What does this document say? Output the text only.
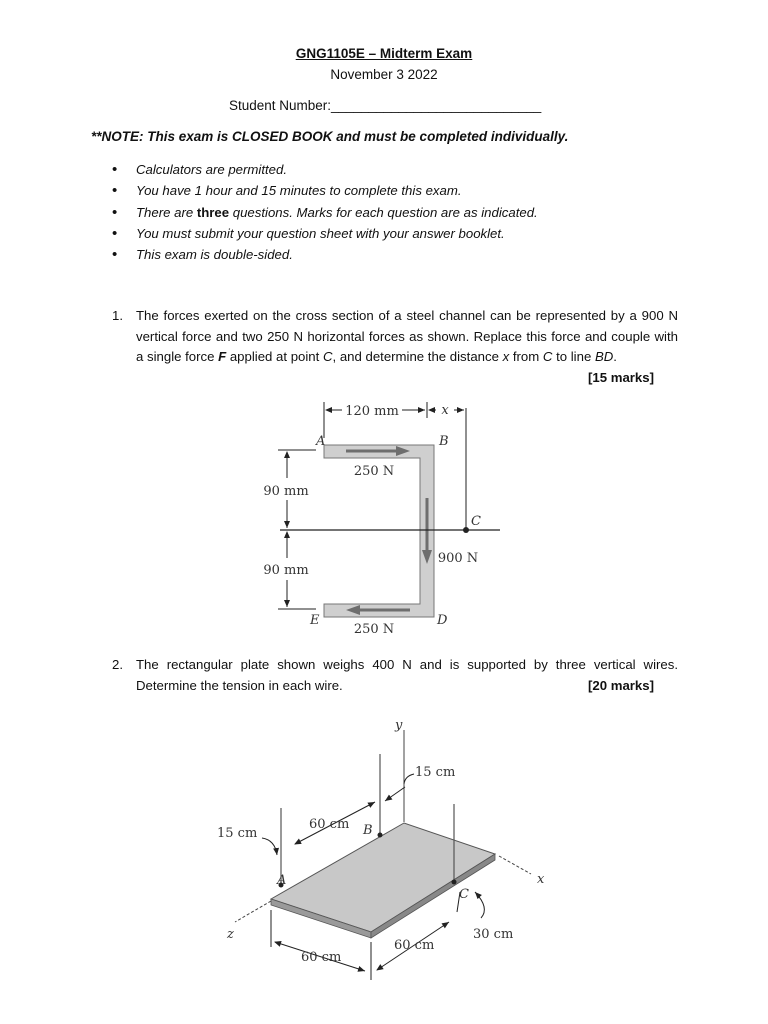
GNG1105E – Midterm Exam
November 3 2022
Student Number:____________________________
**NOTE: This exam is CLOSED BOOK and must be completed individually.
• Calculators are permitted.
• You have 1 hour and 15 minutes to complete this exam.
• There are three questions. Marks for each question are as indicated.
• You must submit your question sheet with your answer booklet.
• This exam is double-sided.
1. The forces exerted on the cross section of a steel channel can be represented by a 900 N vertical force and two 250 N horizontal forces as shown. Replace this force and couple with a single force F applied at point C, and determine the distance x from C to line BD.
[15 marks]
120 mm	x
90 mm
90 mm
250 N
250 N
900 N
A	B
C
D
E
2. The rectangular plate shown weighs 400 N and is supported by three vertical wires. Determine the tension in each wire.	[20 marks]
y
x
z
15 cm
15 cm
60 cm
60 cm
60 cm
30 cm
A
B
C
